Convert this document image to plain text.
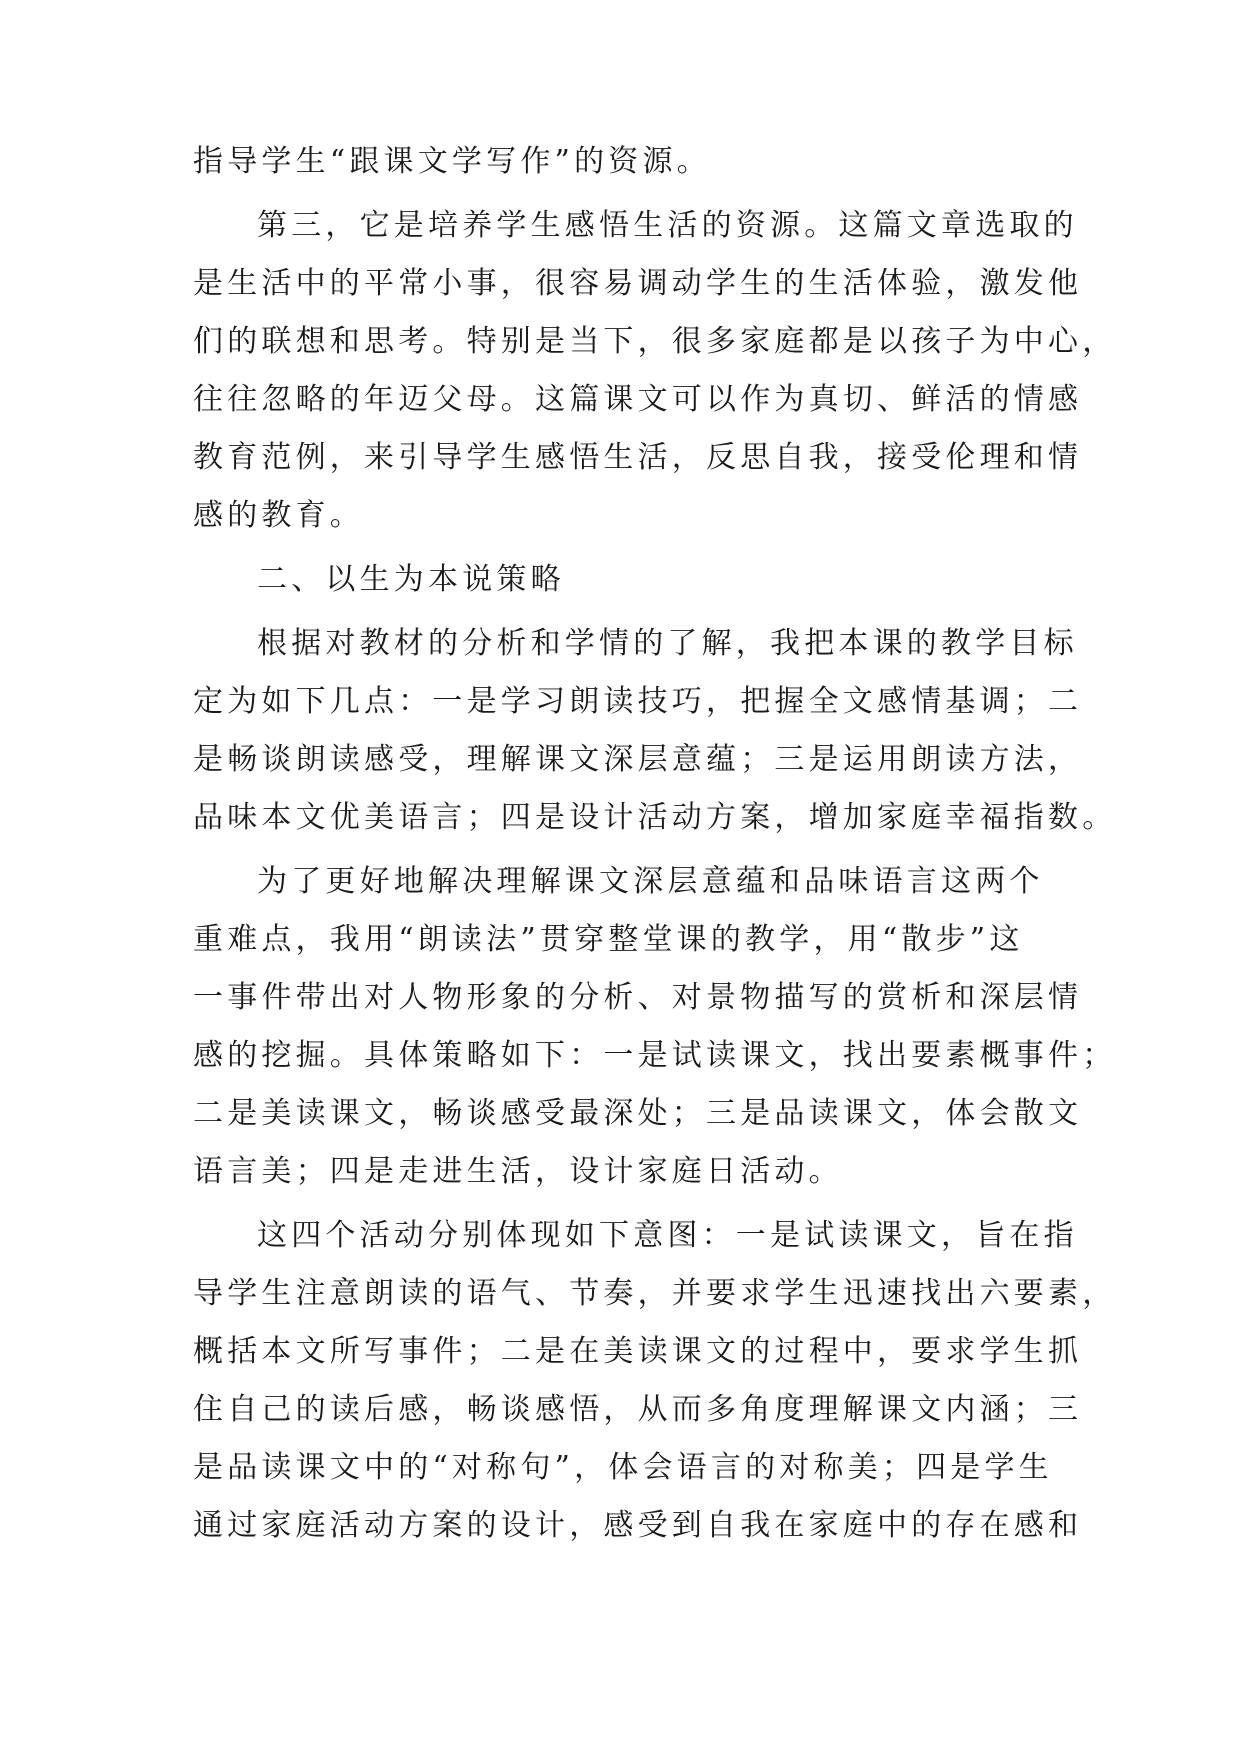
指导学生“跟课文学写作”的资源。
第三，它是培养学生感悟生活的资源。这篇文章选取的
是生活中的平常小事，很容易调动学生的生活体验，激发他
们的联想和思考。特别是当下，很多家庭都是以孩子为中心，
往往忽略的年迈父母。这篇课文可以作为真切、鲜活的情感
教育范例，来引导学生感悟生活，反思自我，接受伦理和情
感的教育。
二、以生为本说策略
根据对教材的分析和学情的了解，我把本课的教学目标
定为如下几点：一是学习朗读技巧，把握全文感情基调；二
是畅谈朗读感受，理解课文深层意蕴；三是运用朗读方法，
品味本文优美语言；四是设计活动方案，增加家庭幸福指数。
为了更好地解决理解课文深层意蕴和品味语言这两个
重难点，我用“朗读法”贯穿整堂课的教学，用“散步”这
一事件带出对人物形象的分析、对景物描写的赏析和深层情
感的挖掘。具体策略如下：一是试读课文，找出要素概事件；
二是美读课文，畅谈感受最深处；三是品读课文，体会散文
语言美；四是走进生活，设计家庭日活动。
这四个活动分别体现如下意图：一是试读课文，旨在指
导学生注意朗读的语气、节奏，并要求学生迅速找出六要素，
概括本文所写事件；二是在美读课文的过程中，要求学生抓
住自己的读后感，畅谈感悟，从而多角度理解课文内涵；三
是品读课文中的“对称句”，体会语言的对称美；四是学生
通过家庭活动方案的设计，感受到自我在家庭中的存在感和
